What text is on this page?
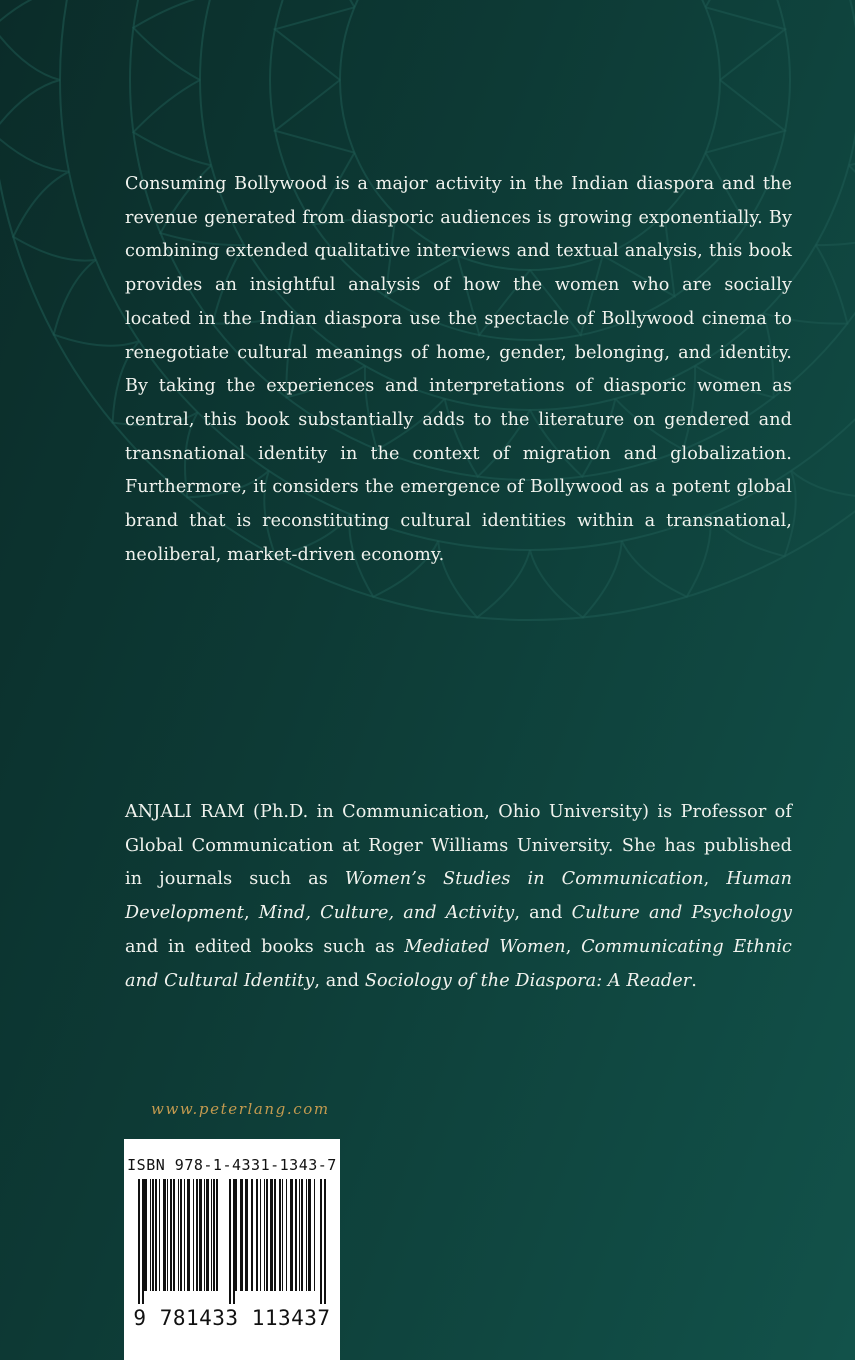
Consuming Bollywood is a major activity in the Indian diaspora and the revenue generated from diasporic audiences is growing exponentially. By combining extended qualitative interviews and textual analysis, this book provides an insightful analysis of how the women who are socially located in the Indian diaspora use the spectacle of Bollywood cinema to renegotiate cultural meanings of home, gender, belonging, and identity. By taking the experiences and interpretations of diasporic women as central, this book substantially adds to the literature on gendered and transnational identity in the context of migration and globalization. Furthermore, it considers the emergence of Bollywood as a potent global brand that is reconstituting cultural identities within a transnational, neoliberal, market-driven economy.
ANJALI RAM (Ph.D. in Communication, Ohio University) is Professor of Global Communication at Roger Williams University. She has published in journals such as Women’s Studies in Communication, Human Development, Mind, Culture, and Activity, and Culture and Psychology and in edited books such as Mediated Women, Communicating Ethnic and Cultural Identity, and Sociology of the Diaspora: A Reader.
www.peterlang.com
ISBN 978-1-4331-1343-7
9 781433 113437
